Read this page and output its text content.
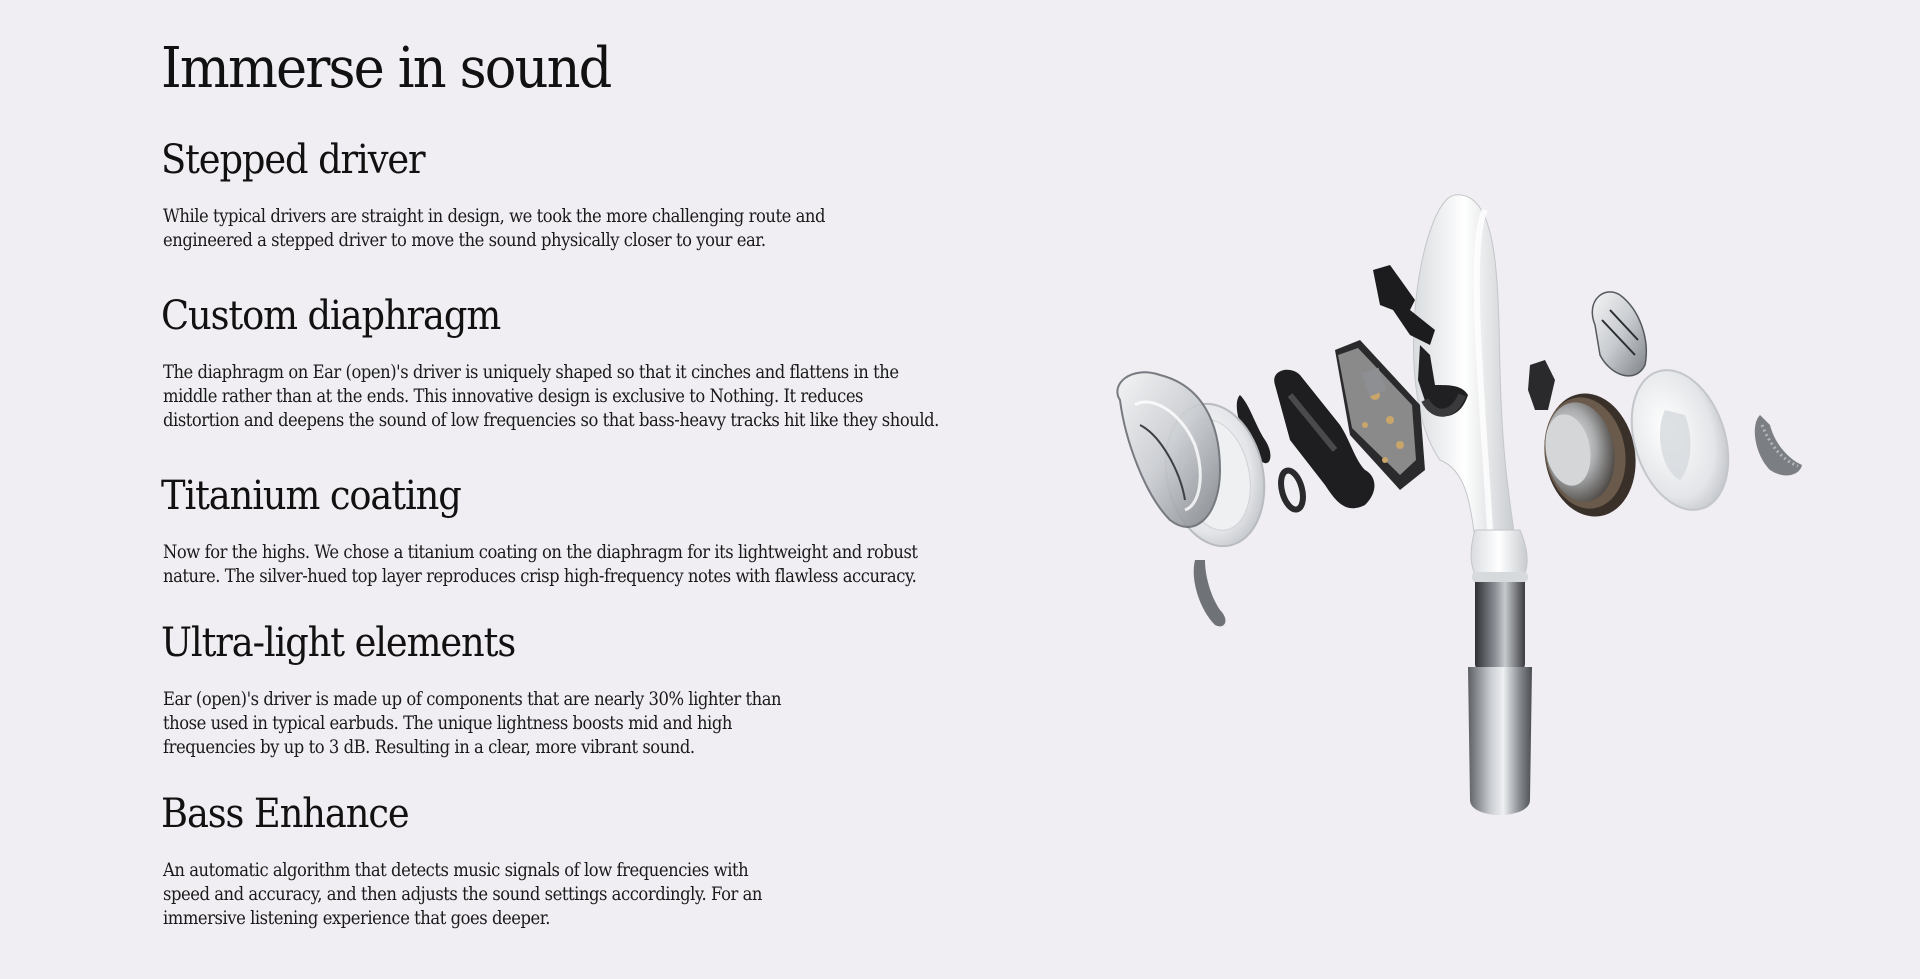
Immerse in sound
Stepped driver

While typical drivers are straight in design, we took the more challenging route and
engineered a stepped driver to move the sound physically closer to your ear.

Custom diaphragm

The diaphragm on Ear (open)'s driver is uniquely shaped so that it cinches and flattens in the
middle rather than at the ends. This innovative design is exclusive to Nothing. It reduces
distortion and deepens the sound of low frequencies so that bass-heavy tracks hit like they should.

Titanium coating

Now for the highs. We chose a titanium coating on the diaphragm for its lightweight and robust
nature. The silver-hued top layer reproduces crisp high-frequency notes with flawless accuracy.

Ultra-light elements

Ear (open)'s driver is made up of components that are nearly 30% lighter than
those used in typical earbuds. The unique lightness boosts mid and high
frequencies by up to 3 dB. Resulting in a clear, more vibrant sound.

Bass Enhance

An automatic algorithm that detects music signals of low frequencies with
speed and accuracy, and then adjusts the sound settings accordingly. For an
immersive listening experience that goes deeper.
